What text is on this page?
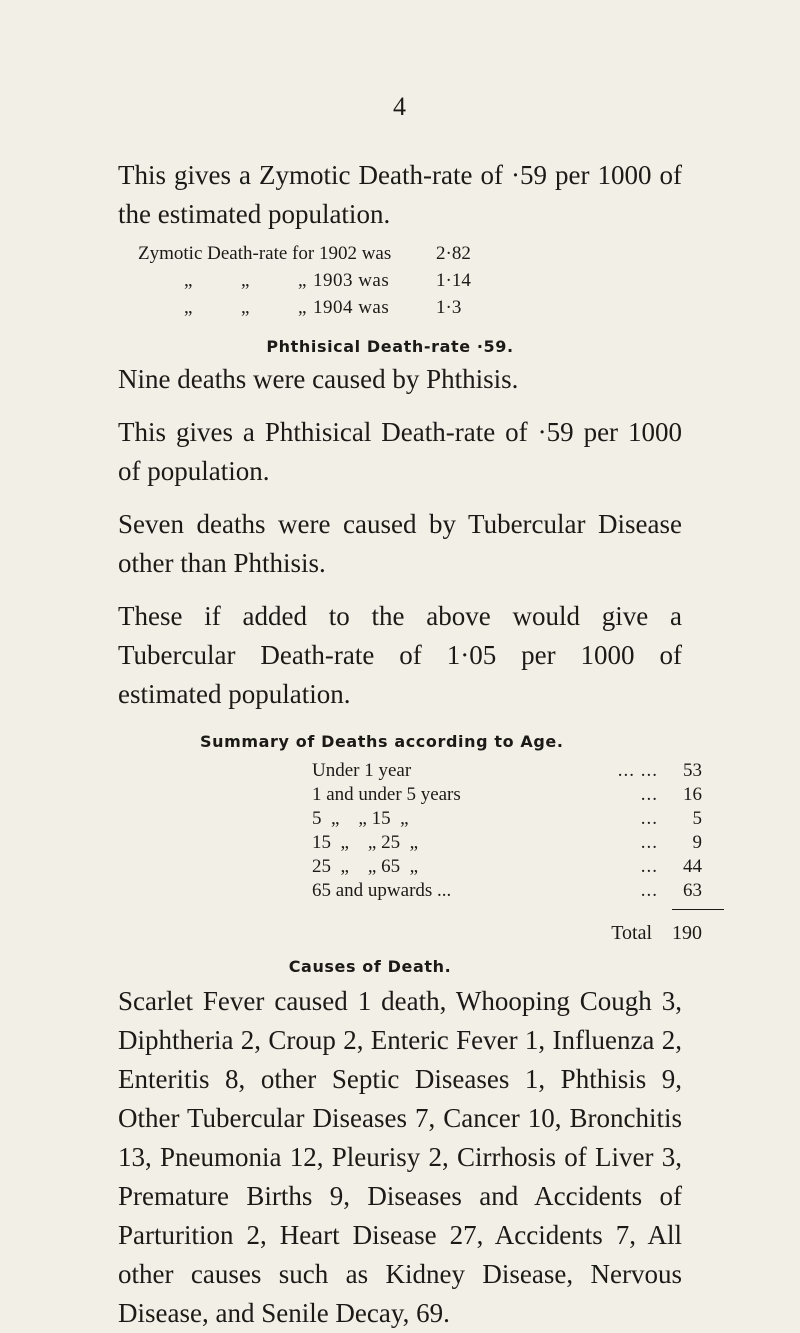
4

This gives a Zymotic Death-rate of ·59 per 1000 of the estimated population.

Zymotic Death-rate for 1902 was	2·82
„	„	„ 1903 was	1·14
„	„	„ 1904 was	1·3
Phthisical Death-rate ·59.

Nine deaths were caused by Phthisis.

This gives a Phthisical Death-rate of ·59 per 1000 of population.

Seven deaths were caused by Tubercular Disease other than Phthisis.

These if added to the above would give a Tubercular Death-rate of 1·05 per 1000 of estimated population.

Summary of Deaths according to Age.
Under 1 year	... ...	53
1 and under 5 years	...	16
5  „    „ 15  „	...	5
15  „    „ 25  „	...	9
25  „    „ 65  „	...	44
65 and upwards ...	...	63
Total 190
Causes of Death.

Scarlet Fever caused 1 death, Whooping Cough 3, Diphtheria 2, Croup 2, Enteric Fever 1, Influenza 2, Enteritis 8, other Septic Diseases 1, Phthisis 9, Other Tubercular Diseases 7, Cancer 10, Bronchitis 13, Pneumonia 12, Pleurisy 2, Cirrhosis of Liver 3, Premature Births 9, Diseases and Accidents of Parturition 2, Heart Disease 27, Accidents 7, All other causes such as Kidney Disease, Nervous Disease, and Senile Decay, 69.
